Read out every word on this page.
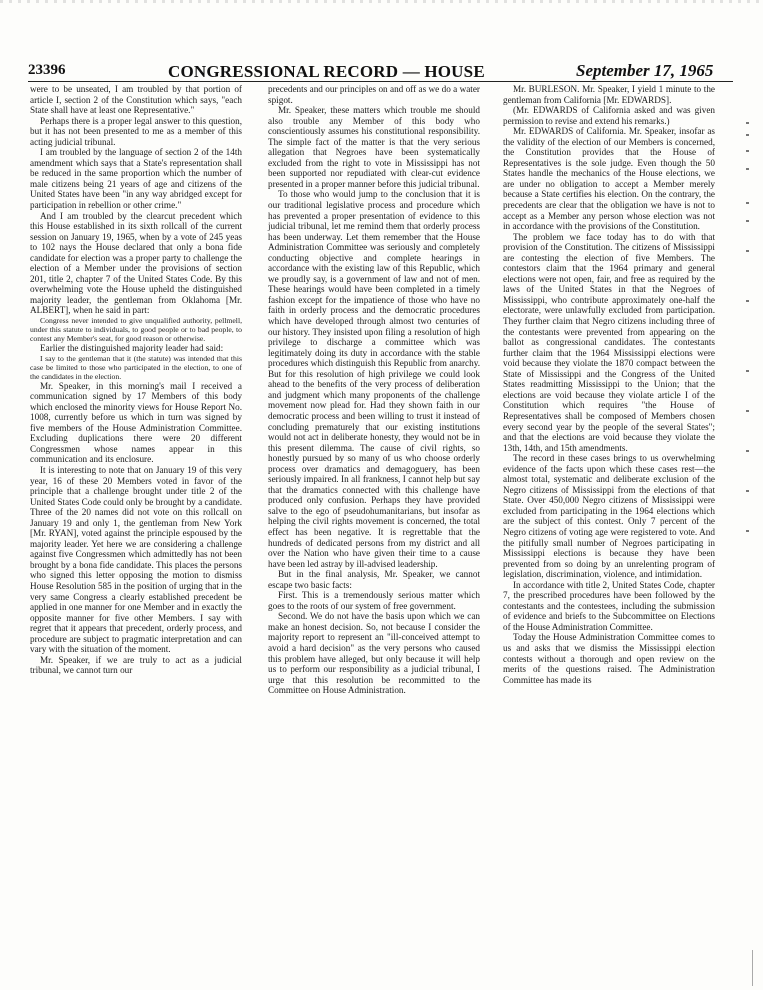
23396	CONGRESSIONAL RECORD — HOUSE	September 17, 1965

were to be unseated, I am troubled by that portion of article I, section 2 of the Constitution which says, "each State shall have at least one Representative."

Perhaps there is a proper legal answer to this question, but it has not been presented to me as a member of this acting judicial tribunal.

I am troubled by the language of section 2 of the 14th amendment which says that a State's representation shall be reduced in the same proportion which the number of male citizens being 21 years of age and citizens of the United States have been "in any way abridged except for participation in rebellion or other crime."

And I am troubled by the clearcut precedent which this House established in its sixth rollcall of the current session on January 19, 1965, when by a vote of 245 yeas to 102 nays the House declared that only a bona fide candidate for election was a proper party to challenge the election of a Member under the provisions of section 201, title 2, chapter 7 of the United States Code. By this overwhelming vote the House upheld the distinguished majority leader, the gentleman from Oklahoma [Mr. ALBERT], when he said in part:

Congress never intended to give unqualified authority, pellmell, under this statute to individuals, to good people or to bad people, to contest any Member's seat, for good reason or otherwise.

Earlier the distinguished majority leader had said:

I say to the gentleman that it (the statute) was intended that this case be limited to those who participated in the election, to one of the candidates in the election.

Mr. Speaker, in this morning's mail I received a communication signed by 17 Members of this body which enclosed the minority views for House Report No. 1008, currently before us which in turn was signed by five members of the House Administration Committee. Excluding duplications there were 20 different Congressmen whose names appear in this communication and its enclosure.

It is interesting to note that on January 19 of this very year, 16 of these 20 Members voted in favor of the principle that a challenge brought under title 2 of the United States Code could only be brought by a candidate. Three of the 20 names did not vote on this rollcall on January 19 and only 1, the gentleman from New York [Mr. RYAN], voted against the principle espoused by the majority leader. Yet here we are considering a challenge against five Congressmen which admittedly has not been brought by a bona fide candidate. This places the persons who signed this letter opposing the motion to dismiss House Resolution 585 in the position of urging that in the very same Congress a clearly established precedent be applied in one manner for one Member and in exactly the opposite manner for five other Members. I say with regret that it appears that precedent, orderly process, and procedure are subject to pragmatic interpretation and can vary with the situation of the moment.

Mr. Speaker, if we are truly to act as a judicial tribunal, we cannot turn our

precedents and our principles on and off as we do a water spigot.

Mr. Speaker, these matters which trouble me should also trouble any Member of this body who conscientiously assumes his constitutional responsibility. The simple fact of the matter is that the very serious allegation that Negroes have been systematically excluded from the right to vote in Mississippi has not been supported nor repudiated with clear-cut evidence presented in a proper manner before this judicial tribunal.

To those who would jump to the conclusion that it is our traditional legislative process and procedure which has prevented a proper presentation of evidence to this judicial tribunal, let me remind them that orderly process has been underway. Let them remember that the House Administration Committee was seriously and completely conducting objective and complete hearings in accordance with the existing law of this Republic, which we proudly say, is a government of law and not of men. These hearings would have been completed in a timely fashion except for the impatience of those who have no faith in orderly process and the democratic procedures which have developed through almost two centuries of our history. They insisted upon filing a resolution of high privilege to discharge a committee which was legitimately doing its duty in accordance with the stable procedures which distinguish this Republic from anarchy. But for this resolution of high privilege we could look ahead to the benefits of the very process of deliberation and judgment which many proponents of the challenge movement now plead for. Had they shown faith in our democratic process and been willing to trust it instead of concluding prematurely that our existing institutions would not act in deliberate honesty, they would not be in this present dilemma. The cause of civil rights, so honestly pursued by so many of us who choose orderly process over dramatics and demagoguery, has been seriously impaired. In all frankness, I cannot help but say that the dramatics connected with this challenge have produced only confusion. Perhaps they have provided salve to the ego of pseudohumanitarians, but insofar as helping the civil rights movement is concerned, the total effect has been negative. It is regrettable that the hundreds of dedicated persons from my district and all over the Nation who have given their time to a cause have been led astray by ill-advised leadership.

But in the final analysis, Mr. Speaker, we cannot escape two basic facts:

First. This is a tremendously serious matter which goes to the roots of our system of free government.

Second. We do not have the basis upon which we can make an honest decision. So, not because I consider the majority report to represent an "ill-conceived attempt to avoid a hard decision" as the very persons who caused this problem have alleged, but only because it will help us to perform our responsibility as a judicial tribunal, I urge that this resolution be recommitted to the Committee on House Administration.

Mr. BURLESON. Mr. Speaker, I yield 1 minute to the gentleman from California [Mr. EDWARDS].

(Mr. EDWARDS of California asked and was given permission to revise and extend his remarks.)

Mr. EDWARDS of California. Mr. Speaker, insofar as the validity of the election of our Members is concerned, the Constitution provides that the House of Representatives is the sole judge. Even though the 50 States handle the mechanics of the House elections, we are under no obligation to accept a Member merely because a State certifies his election. On the contrary, the precedents are clear that the obligation we have is not to accept as a Member any person whose election was not in accordance with the provisions of the Constitution.

The problem we face today has to do with that provision of the Constitution. The citizens of Mississippi are contesting the election of five Members. The contestors claim that the 1964 primary and general elections were not open, fair, and free as required by the laws of the United States in that the Negroes of Mississippi, who contribute approximately one-half the electorate, were unlawfully excluded from participation. They further claim that Negro citizens including three of the contestants were prevented from appearing on the ballot as congressional candidates. The contestants further claim that the 1964 Mississippi elections were void because they violate the 1870 compact between the State of Mississippi and the Congress of the United States readmitting Mississippi to the Union; that the elections are void because they violate article I of the Constitution which requires "the House of Representatives shall be composed of Members chosen every second year by the people of the several States"; and that the elections are void because they violate the 13th, 14th, and 15th amendments.

The record in these cases brings to us overwhelming evidence of the facts upon which these cases rest—the almost total, systematic and deliberate exclusion of the Negro citizens of Mississippi from the elections of that State. Over 450,000 Negro citizens of Mississippi were excluded from participating in the 1964 elections which are the subject of this contest. Only 7 percent of the Negro citizens of voting age were registered to vote. And the pitifully small number of Negroes participating in Mississippi elections is because they have been prevented from so doing by an unrelenting program of legislation, discrimination, violence, and intimidation.

In accordance with title 2, United States Code, chapter 7, the prescribed procedures have been followed by the contestants and the contestees, including the submission of evidence and briefs to the Subcommittee on Elections of the House Administration Committee.

Today the House Administration Committee comes to us and asks that we dismiss the Mississippi election contests without a thorough and open review on the merits of the questions raised. The Administration Committee has made its
